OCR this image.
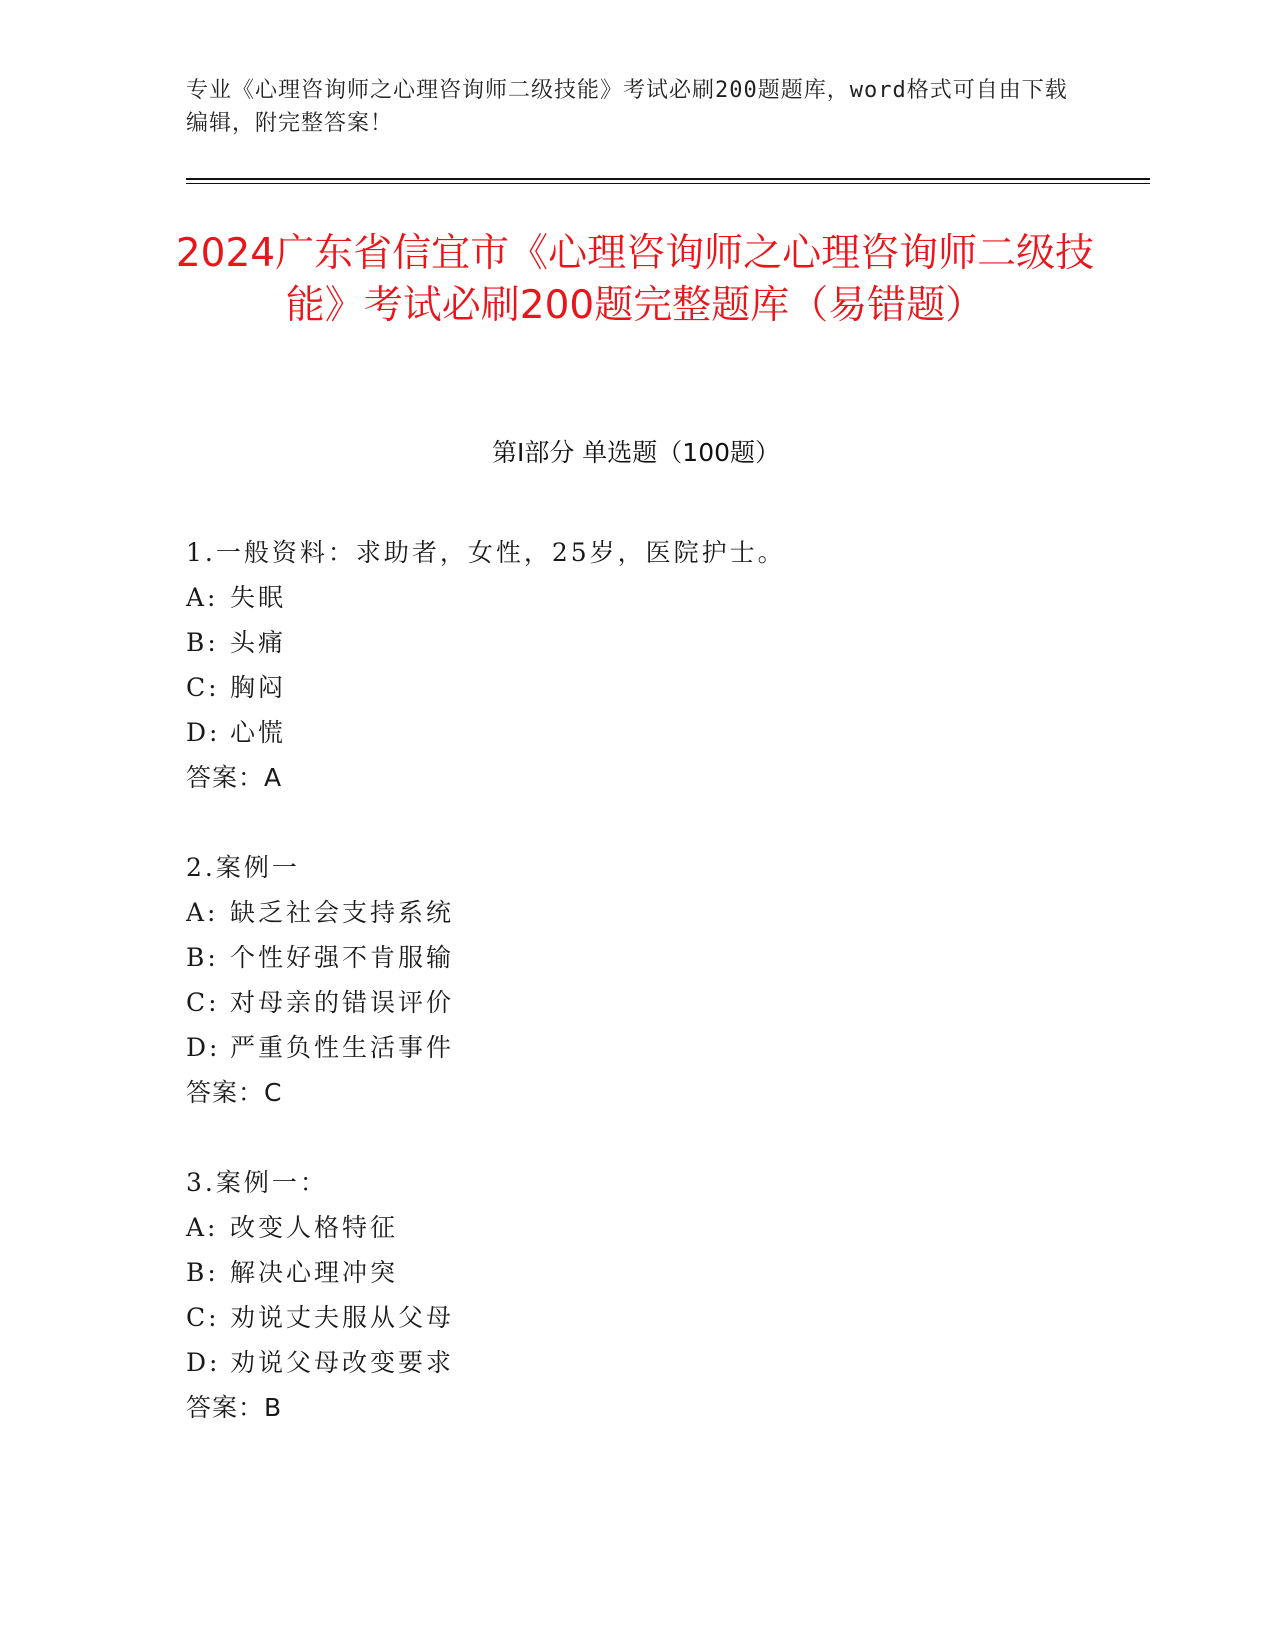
专业《心理咨询师之心理咨询师二级技能》考试必刷200题题库，word格式可自由下载编辑，附完整答案！
2024广东省信宜市《心理咨询师之心理咨询师二级技能》考试必刷200题完整题库（易错题）
第Ⅰ部分 单选题（100题）
1.一般资料：求助者，女性，25岁，医院护士。
A: 失眠
B: 头痛
C: 胸闷
D: 心慌
答案：A
2.案例一
A: 缺乏社会支持系统
B: 个性好强不肯服输
C: 对母亲的错误评价
D: 严重负性生活事件
答案：C
3.案例一：
A: 改变人格特征
B: 解决心理冲突
C: 劝说丈夫服从父母
D: 劝说父母改变要求
答案：B
